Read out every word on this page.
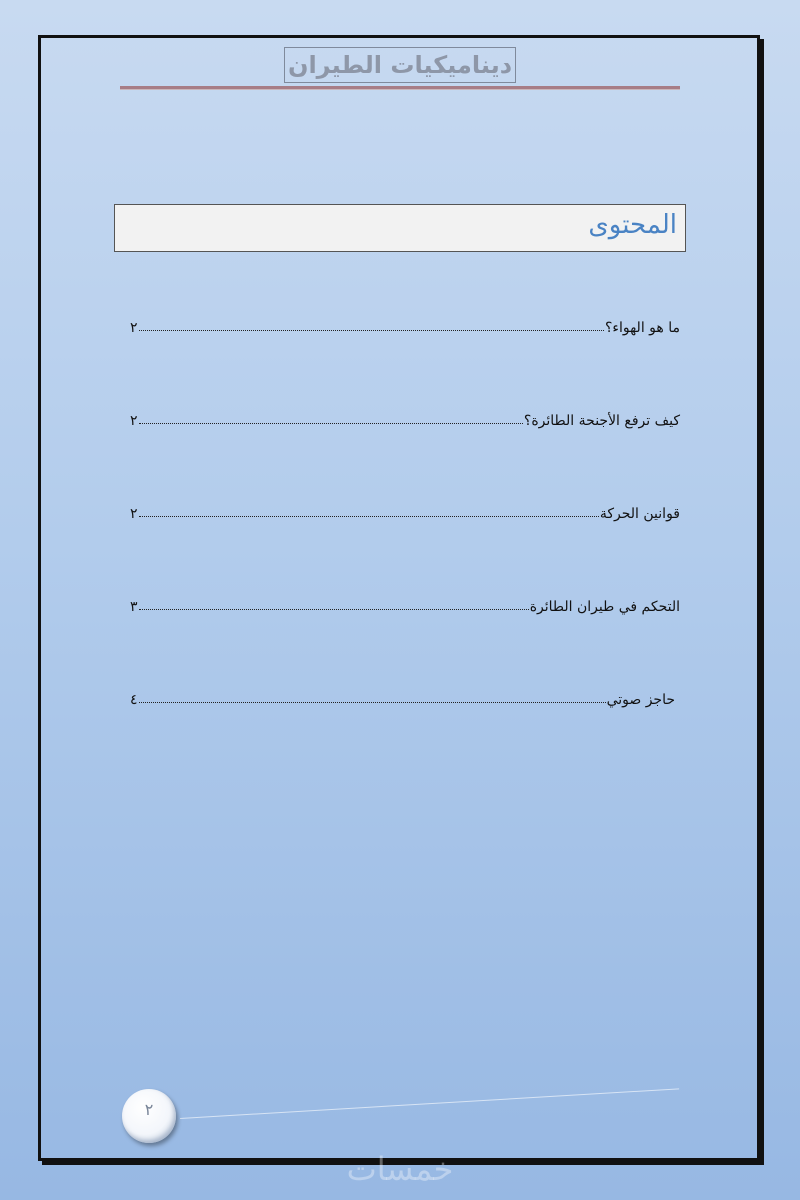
ديناميكيات الطيران
المحتوى
ما هو الهواء؟
٢
كيف ترفع الأجنحة الطائرة؟
٢
قوانين الحركة
٢
التحكم في طيران الطائرة
٣
حاجز صوتي
٤
٢
خمسات
